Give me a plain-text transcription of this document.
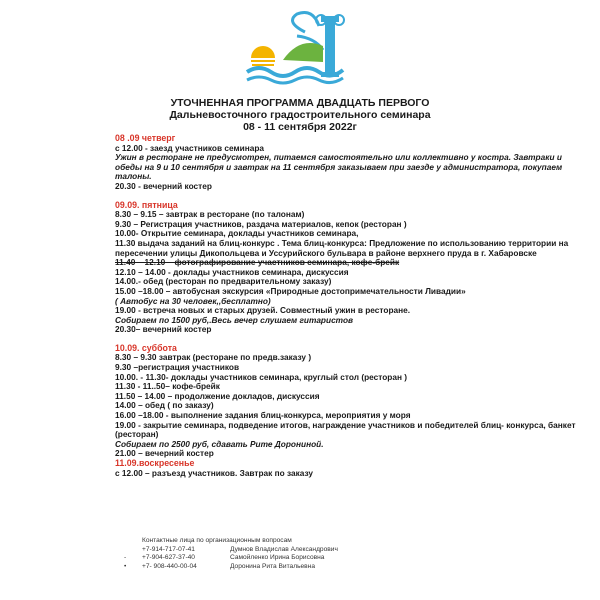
УТОЧНЕННАЯ ПРОГРАММА ДВАДЦАТЬ ПЕРВОГО
Дальневосточного градостроительного семинара
08 - 11 сентября 2022г
08 .09 четверг
с 12.00 - заезд участников семинара
Ужин в ресторане не предусмотрен, питаемся самостоятельно или коллективно у костра. Завтраки и обеды на 9 и 10 сентября и завтрак на 11 сентября заказываем при заезде у администратора, покупаем талоны.
20.30 - вечерний костер
09.09. пятница
8.30 – 9.15 – завтрак в ресторане (по талонам)
9.30 – Регистрация участников, раздача материалов, кепок (ресторан )
10.00- Открытие семинара, доклады участников семинара,
11.30 выдача заданий на блиц-конкурс . Тема блиц-конкурса: Предложение по использованию территории на пересечении улицы Дикопольцева и Уссурийского бульвара в районе верхнего пруда в г. Хабаровске
11.40 – 12.10 – фотографирование участников семинара, кофе-брейк
12.10 – 14.00 - доклады участников семинара, дискуссия
14.00.- обед (ресторан по предварительному заказу)
15.00 –18.00 – автобусная экскурсия «Природные достопримечательности Ливадии»
( Автобус на 30 человек,,бесплатно)
19.00 - встреча новых и старых друзей. Совместный ужин в ресторане.
Собираем по 1500 руб,.Весь вечер слушаем гитаристов
20.30– вечерний костер
10.09. суббота
8.30 – 9.30 завтрак (ресторане по предв.заказу )
9.30 –регистрация участников
10.00. - 11.30- доклады участников семинара, круглый стол (ресторан )
11.30 - 11..50– кофе-брейк
11.50 – 14.00 – продолжение докладов, дискуссия
14.00 – обед ( по заказу)
16.00 –18.00 - выполнение задания блиц-конкурса, мероприятия у моря
19.00 - закрытие семинара, подведение итогов, награждение участников и победителей блиц- конкурса, банкет (ресторан)
Собираем по 2500 руб, сдавать Рите Дорониной.
21.00 – вечерний костер
11.09.воскресенье
с 12.00 – разъезд участников. Завтрак по заказу
Контактные лица по организационным вопросам
+7-914-717-07-41	Думнов Владислав Александрович
- +7-904-627-37-40	Самойленко Ирина Борисовна
• +7- 908-440-00-04	Доронина Рита Витальевна
